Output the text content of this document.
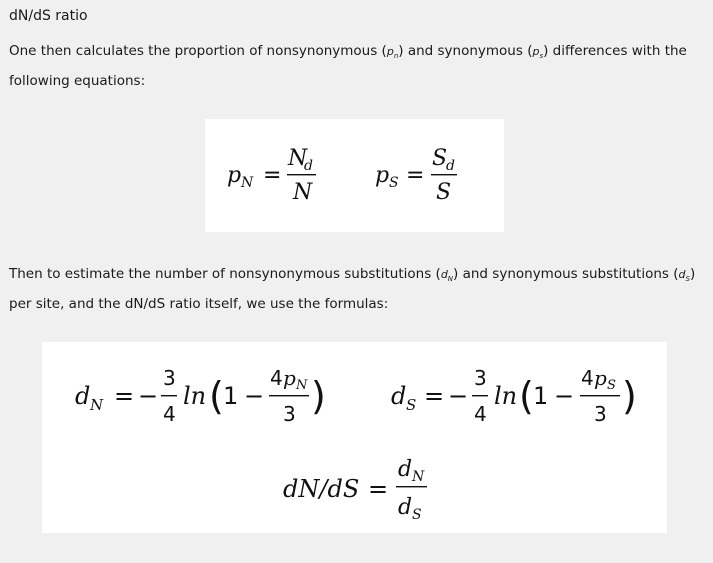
dN/dS ratio
One then calculates the proportion of nonsynonymous $(p_n)$ and synonymous $(p_s)$ differences with the following equations:
p N =
N
d
N
p S =
S
d
S
Then to estimate the number of nonsynonymous substitutions $(d_N)$ and synonymous substitutions $(d_S)$ per site, and the dN/dS ratio itself, we use the formulas:
d N = −
3
4
ln ( 1 −
4 p N
3 )	d S = −
3
4
ln ( 1 −
4 p S
3 )
dN/dS =
d N
d S
